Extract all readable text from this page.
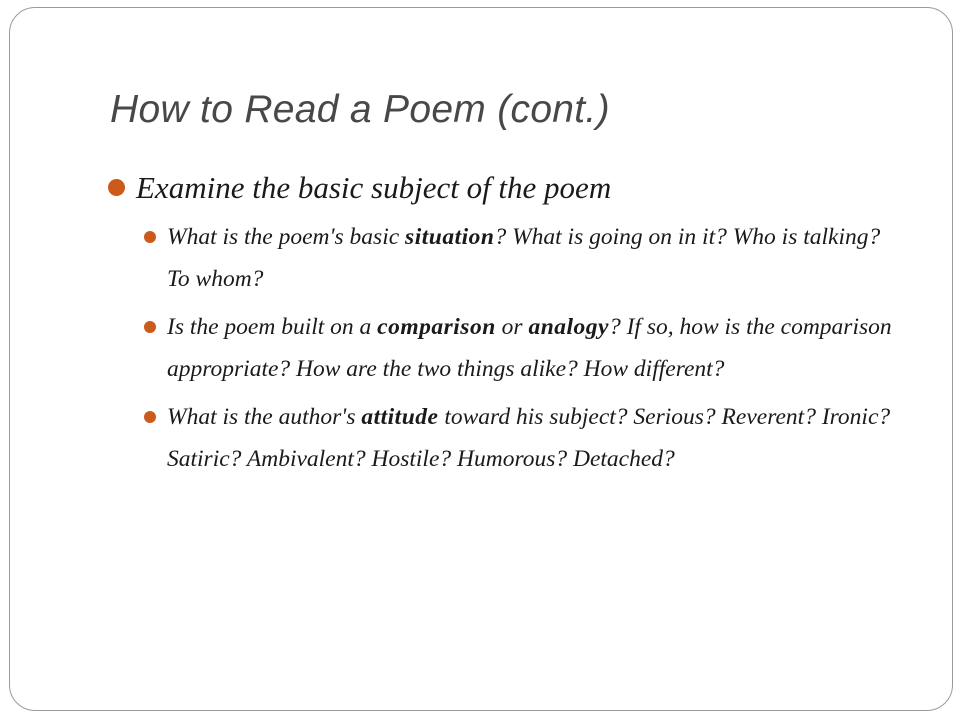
How to Read a Poem (cont.)
Examine the basic subject of the poem
What is the poem's basic situation? What is going on in it? Who is talking? To whom?
Is the poem built on a comparison or analogy? If so, how is the comparison appropriate? How are the two things alike? How different?
What is the author's attitude toward his subject? Serious? Reverent? Ironic? Satiric? Ambivalent? Hostile? Humorous? Detached?
